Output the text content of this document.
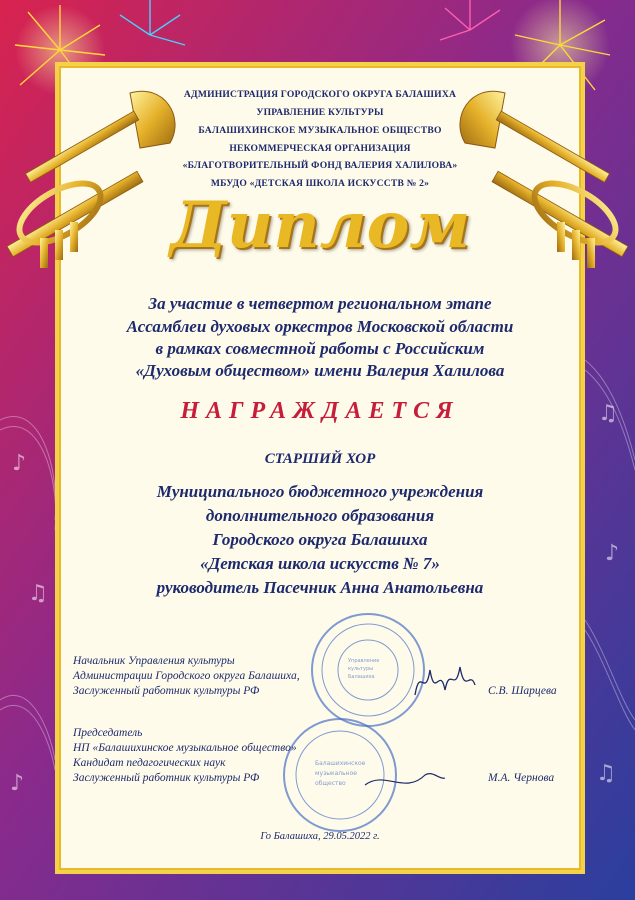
♪
♫
♪
♫
♪
♫
АДМИНИСТРАЦИЯ ГОРОДСКОГО ОКРУГА БАЛАШИХА
УПРАВЛЕНИЕ КУЛЬТУРЫ
БАЛАШИХИНСКОЕ МУЗЫКАЛЬНОЕ ОБЩЕСТВО
НЕКОММЕРЧЕСКАЯ ОРГАНИЗАЦИЯ
«БЛАГОТВОРИТЕЛЬНЫЙ ФОНД ВАЛЕРИЯ ХАЛИЛОВА»
МБУДО «ДЕТСКАЯ ШКОЛА ИСКУССТВ № 2»
Диплом
За участие в четвертом региональном этапе
Ассамблеи духовых оркестров Московской области
в рамках совместной работы с Российским
«Духовым обществом» имени Валерия Халилова
НАГРАЖДАЕТСЯ
СТАРШИЙ ХОР
Муниципального бюджетного учреждения
дополнительного образования
Городского округа Балашиха
«Детская школа искусств № 7»
руководитель Пасечник Анна Анатольевна
Управление
культуры
Балашиха
Начальник Управления культуры
Администрации Городского округа Балашиха,
Заслуженный работник культуры РФ	С.В. Шарцева
Балашихинское
музыкальное
общество
Председатель
НП «Балашихинское музыкальное общество»
Кандидат педагогических наук
Заслуженный работник культуры РФ	М.А. Чернова
Го Балашиха, 29.05.2022 г.
